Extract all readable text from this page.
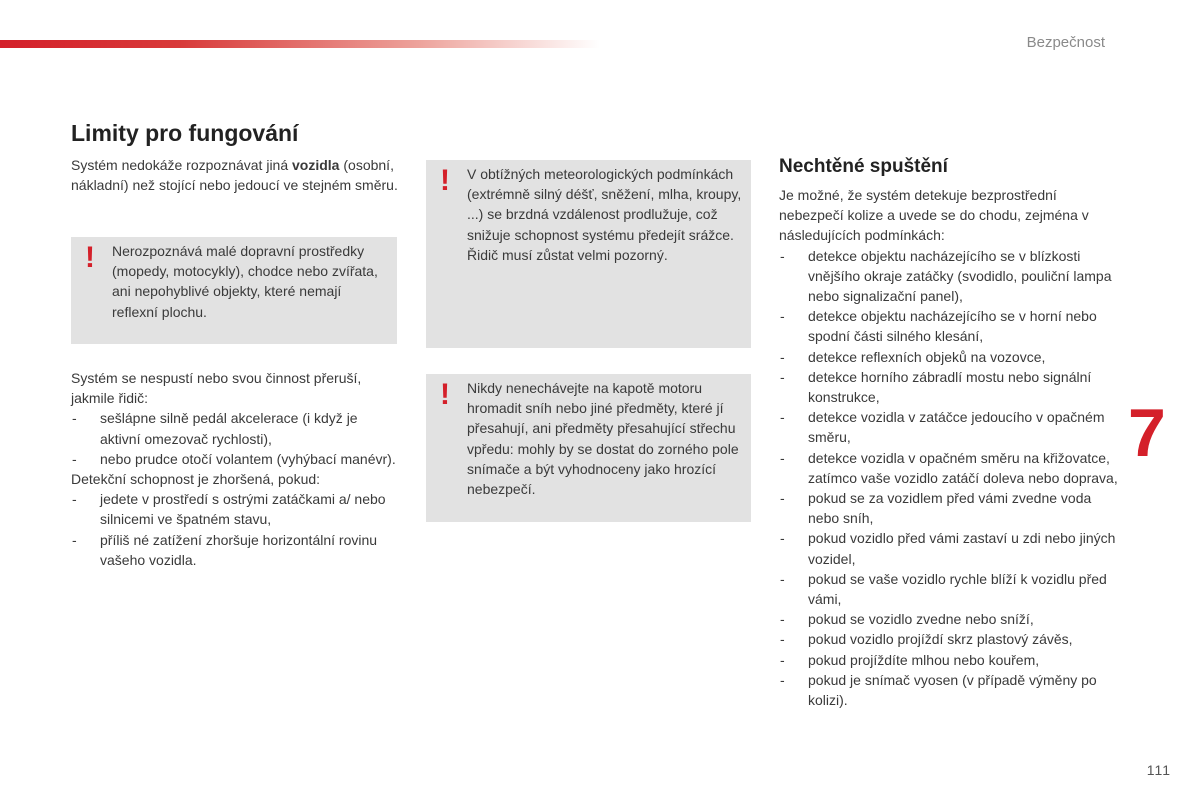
Bezpečnost
Limity pro fungování

Systém nedokáže rozpoznávat jiná vozidla (osobní, nákladní) než stojící nebo jedoucí ve stejném směru.

! Nerozpoznává malé dopravní prostředky (mopedy, motocykly), chodce nebo zvířata, ani nepohyblivé objekty, které nemají reflexní plochu.

Systém se nespustí nebo svou činnost přeruší, jakmile řidič:

- sešlápne silně pedál akcelerace (i když je aktivní omezovač rychlosti),
- nebo prudce otočí volantem (vyhýbací manévr).

Detekční schopnost je zhoršená, pokud:

- jedete v prostředí s ostrými zatáčkami a/ nebo silnicemi ve špatném stavu,
- příliš né zatížení zhoršuje horizontální rovinu vašeho vozidla.
! V obtížných meteorologických podmínkách (extrémně silný déšť, sněžení, mlha, kroupy, ...) se brzdná vzdálenost prodlužuje, což snižuje schopnost systému předejít srážce. Řidič musí zůstat velmi pozorný.
! Nikdy nenechávejte na kapotě motoru hromadit sníh nebo jiné předměty, které jí přesahují, ani předměty přesahující střechu vpředu: mohly by se dostat do zorného pole snímače a být vyhodnoceny jako hrozící nebezpečí.
Nechtěné spuštění

Je možné, že systém detekuje bezprostřední nebezpečí kolize a uvede se do chodu, zejména v následujících podmínkách:

- detekce objektu nacházejícího se v blízkosti vnějšího okraje zatáčky (svodidlo, pouliční lampa nebo signalizační panel),
- detekce objektu nacházejícího se v horní nebo spodní části silného klesání,
- detekce reflexních objeků na vozovce,
- detekce horního zábradlí mostu nebo signální konstrukce,
- detekce vozidla v zatáčce jedoucího v opačném směru,
- detekce vozidla v opačném směru na křižovatce, zatímco vaše vozidlo zatáčí doleva nebo doprava,
- pokud se za vozidlem před vámi zvedne voda nebo sníh,
- pokud vozidlo před vámi zastaví u zdi nebo jiných vozidel,
- pokud se vaše vozidlo rychle blíží k vozidlu před vámi,
- pokud se vozidlo zvedne nebo sníží,
- pokud vozidlo projíždí skrz plastový závěs,
- pokud projíždíte mlhou nebo kouřem,
- pokud je snímač vyosen (v případě výměny po kolizi).
7
111
